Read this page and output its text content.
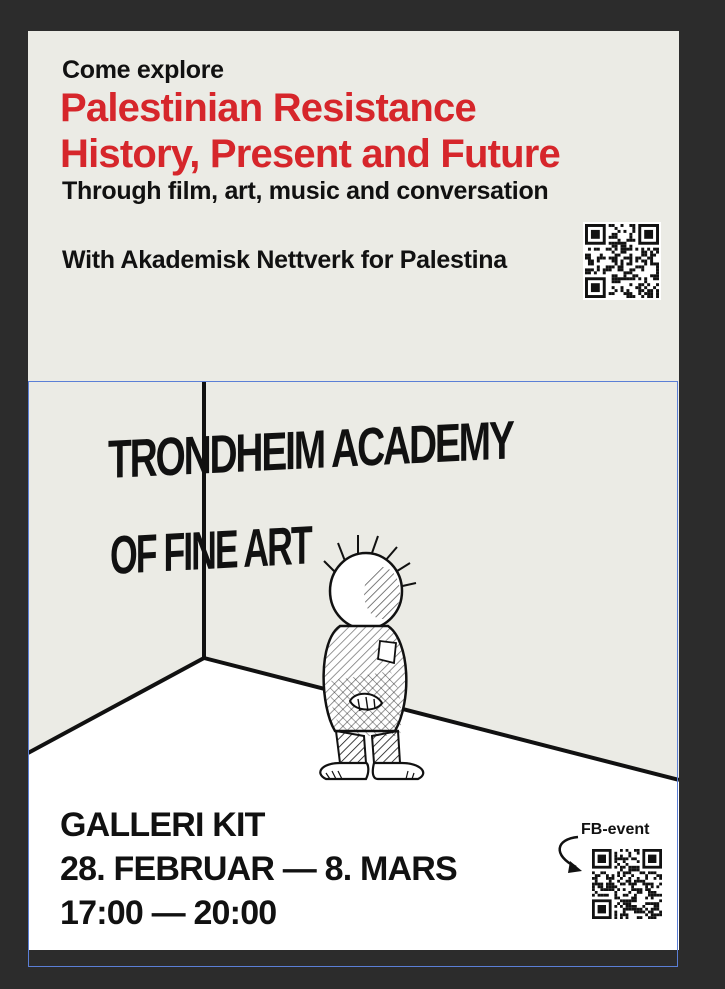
Come explore
Palestinian Resistance
History, Present and Future
Through film, art, music and conversation
With Akademisk Nettverk for Palestina
TRONDHEIM ACADEMY
OF FINE ART
GALLERI KIT
28. FEBRUAR — 8. MARS
17:00 — 20:00
FB-event
